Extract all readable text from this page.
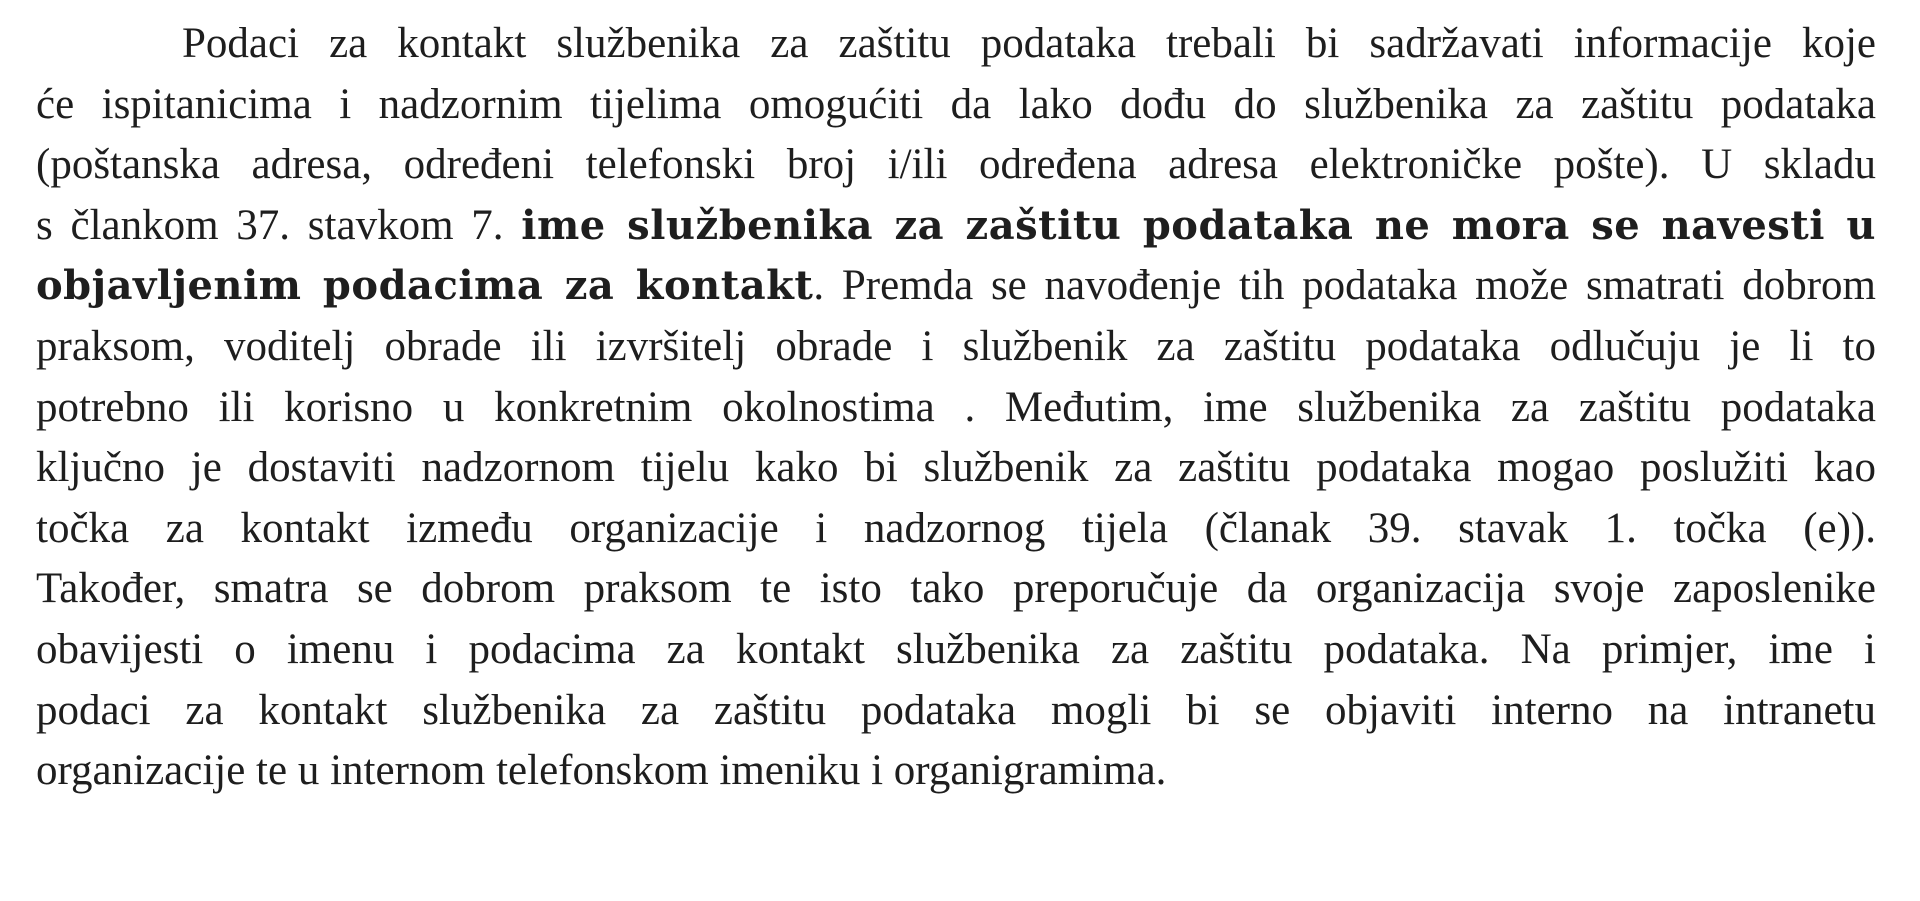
Podaci za kontakt službenika za zaštitu podataka trebali bi sadržavati informacije koje
će ispitanicima i nadzornim tijelima omogućiti da lako dođu do službenika za zaštitu podataka
(poštanska adresa, određeni telefonski broj i/ili određena adresa elektroničke pošte). U skladu
s člankom 37. stavkom 7. ime službenika za zaštitu podataka ne mora se navesti u
objavljenim podacima za kontakt. Premda se navođenje tih podataka može smatrati dobrom
praksom, voditelj obrade ili izvršitelj obrade i službenik za zaštitu podataka odlučuju je li to
potrebno ili korisno u konkretnim okolnostima . Međutim, ime službenika za zaštitu podataka
ključno je dostaviti nadzornom tijelu kako bi službenik za zaštitu podataka mogao poslužiti kao
točka za kontakt između organizacije i nadzornog tijela (članak 39. stavak 1. točka (e)).
Također, smatra se dobrom praksom te isto tako preporučuje da organizacija svoje zaposlenike
obavijesti o imenu i podacima za kontakt službenika za zaštitu podataka. Na primjer, ime i
podaci za kontakt službenika za zaštitu podataka mogli bi se objaviti interno na intranetu
organizacije te u internom telefonskom imeniku i organigramima.
